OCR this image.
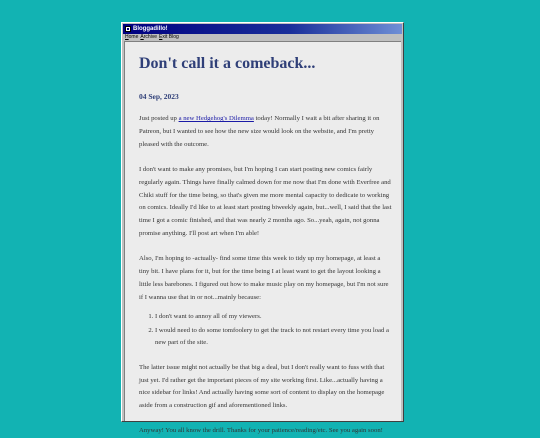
Bloggadillo!
Home Archive Exit Blog
Don't call it a comeback...
04 Sep, 2023

Just posted up a new Hedgehog's Dilemma today! Normally I wait a bit after sharing it on Patreon, but I wanted to see how the new size would look on the website, and I'm pretty pleased with the outcome.

I don't want to make any promises, but I'm hoping I can start posting new comics fairly regularly again. Things have finally calmed down for me now that I'm done with Everfree and Chiki stuff for the time being, so that's given me more mental capacity to dedicate to working on comics. Ideally I'd like to at least start posting biweekly again, but...well, I said that the last time I got a comic finished, and that was nearly 2 months ago. So...yeah, again, not gonna promise anything. I'll post art when I'm able!

Also, I'm hoping to -actually- find some time this week to tidy up my homepage, at least a tiny bit. I have plans for it, but for the time being I at least want to get the layout looking a little less barebones. I figured out how to make music play on my homepage, but I'm not sure if I wanna use that in or not...mainly because:

1. I don't want to annoy all of my viewers.
2. I would need to do some tomfoolery to get the track to not restart every time you load a new part of the site.

The latter issue might not actually be that big a deal, but I don't really want to fuss with that just yet. I'd rather get the important pieces of my site working first. Like...actually having a nice sidebar for links! And actually having some sort of content to display on the homepage aside from a construction gif and aforementioned links.

Anyway! You all know the drill. Thanks for your patience/reading/etc. See you again soon!
